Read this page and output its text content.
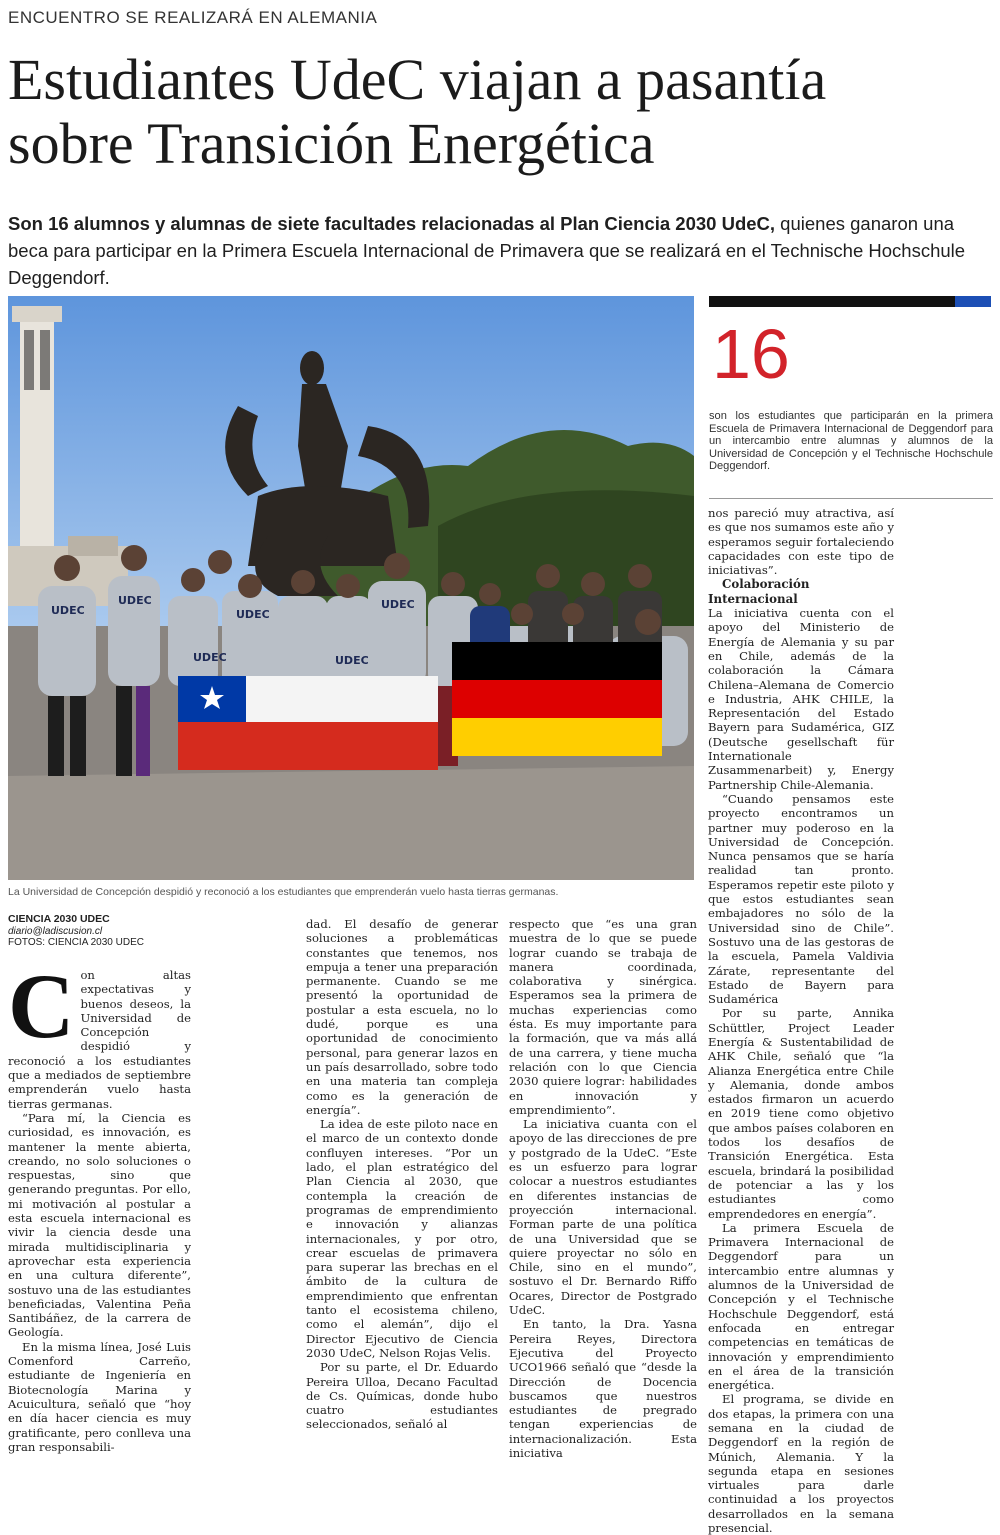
ENCUENTRO SE REALIZARÁ EN ALEMANIA
Estudiantes UdeC viajan a pasantía
sobre Transición Energética
Son 16 alumnos y alumnas de siete facultades relacionadas al Plan Ciencia 2030 UdeC, quienes ganaron una beca para participar en la Primera Escuela Internacional de Primavera que se realizará en el Technische Hochschule Deggendorf.
UDEC
UDEC
UDEC
UDEC
UDEC	UDEC
La Universidad de Concepción despidió y reconoció a los estudiantes que emprenderán vuelo hasta tierras germanas.
CIENCIA 2030 UDEC
diario@ladiscusion.cl
FOTOS: CIENCIA 2030 UDEC

Con altas expectativas y buenos deseos, la Universidad de Concepción despidió y reconoció a los estudiantes que a mediados de septiembre emprenderán vuelo hasta tierras germanas.

“Para mí, la Ciencia es curiosidad, es innovación, es mantener la mente abierta, creando, no solo soluciones o respuestas, sino que generando preguntas. Por ello, mi motivación al postular a esta escuela internacional es vivir la ciencia desde una mirada multidisciplinaria y aprovechar esta experiencia en una cultura diferente”, sostuvo una de las estudiantes beneficiadas, Valentina Peña Santibáñez, de la carrera de Geología.

En la misma línea, José Luis Comenford Carreño, estudiante de Ingeniería en Biotecnología Marina y Acuicultura, señaló que “hoy en día hacer ciencia es muy gratificante, pero conlleva una gran responsabili-

dad. El desafío de generar soluciones a problemáticas constantes que tenemos, nos empuja a tener una preparación permanente. Cuando se me presentó la oportunidad de postular a esta escuela, no lo dudé, porque es una oportunidad de conocimiento personal, para generar lazos en un país desarrollado, sobre todo en una materia tan compleja como es la generación de energía”.

La idea de este piloto nace en el marco de un contexto donde confluyen intereses. “Por un lado, el plan estratégico del Plan Ciencia al 2030, que contempla la creación de programas de emprendimiento e innovación y alianzas internacionales, y por otro, crear escuelas de primavera para superar las brechas en el ámbito de la cultura de emprendimiento que enfrentan tanto el ecosistema chileno, como el alemán”, dijo el Director Ejecutivo de Ciencia 2030 UdeC, Nelson Rojas Velis.

Por su parte, el Dr. Eduardo Pereira Ulloa, Decano Facultad de Cs. Químicas, donde hubo cuatro estudiantes seleccionados, señaló al

respecto que “es una gran muestra de lo que se puede lograr cuando se trabaja de manera coordinada, colaborativa y sinérgica. Esperamos sea la primera de muchas experiencias como ésta. Es muy importante para la formación, que va más allá de una carrera, y tiene mucha relación con lo que Ciencia 2030 quiere lograr: habilidades en innovación y emprendimiento”.

La iniciativa cuanta con el apoyo de las direcciones de pre y postgrado de la UdeC. “Este es un esfuerzo para lograr colocar a nuestros estudiantes en diferentes instancias de proyección internacional. Forman parte de una política de una Universidad que se quiere proyectar no sólo en Chile, sino en el mundo”, sostuvo el Dr. Bernardo Riffo Ocares, Director de Postgrado UdeC.

En tanto, la Dra. Yasna Pereira Reyes, Directora Ejecutiva del Proyecto UCO1966 señaló que “desde la Dirección de Docencia buscamos que nuestros estudiantes de pregrado tengan experiencias de internacionalización. Esta iniciativa

16
son los estudiantes que participarán en la primera Escuela de Primavera Internacional de Deggendorf para un intercambio entre alumnas y alumnos de la Universidad de Concepción y el Technische Hochschule Deggendorf.

nos pareció muy atractiva, así es que nos sumamos este año y esperamos seguir fortaleciendo capacidades con este tipo de iniciativas”.

Colaboración Internacional

La iniciativa cuenta con el apoyo del Ministerio de Energía de Alemania y su par en Chile, además de la colaboración la Cámara Chilena–Alemana de Comercio e Industria, AHK CHILE, la Representación del Estado Bayern para Sudamérica, GIZ (Deutsche gesellschaft für Internationale Zusammenarbeit) y, Energy Partnership Chile-Alemania.

“Cuando pensamos este proyecto encontramos un partner muy poderoso en la Universidad de Concepción. Nunca pensamos que se haría realidad tan pronto. Esperamos repetir este piloto y que estos estudiantes sean embajadores no sólo de la Universidad sino de Chile”. Sostuvo una de las gestoras de la escuela, Pamela Valdivia Zárate, representante del Estado de Bayern para Sudamérica

Por su parte, Annika Schüttler, Project Leader Energía & Sustentabilidad de AHK Chile, señaló que “la Alianza Energética entre Chile y Alemania, donde ambos estados firmaron un acuerdo en 2019 tiene como objetivo que ambos países colaboren en todos los desafíos de Transición Energética. Esta escuela, brindará la posibilidad de potenciar a las y los estudiantes como emprendedores en energía”.

La primera Escuela de Primavera Internacional de Deggendorf para un intercambio entre alumnas y alumnos de la Universidad de Concepción y el Technische Hochschule Deggendorf, está enfocada en entregar competencias en temáticas de innovación y emprendimiento en el área de la transición energética.

El programa, se divide en dos etapas, la primera con una semana en la ciudad de Deggendorf en la región de Múnich, Alemania. Y la segunda etapa en sesiones virtuales para darle continuidad a los proyectos desarrollados en la semana presencial.
